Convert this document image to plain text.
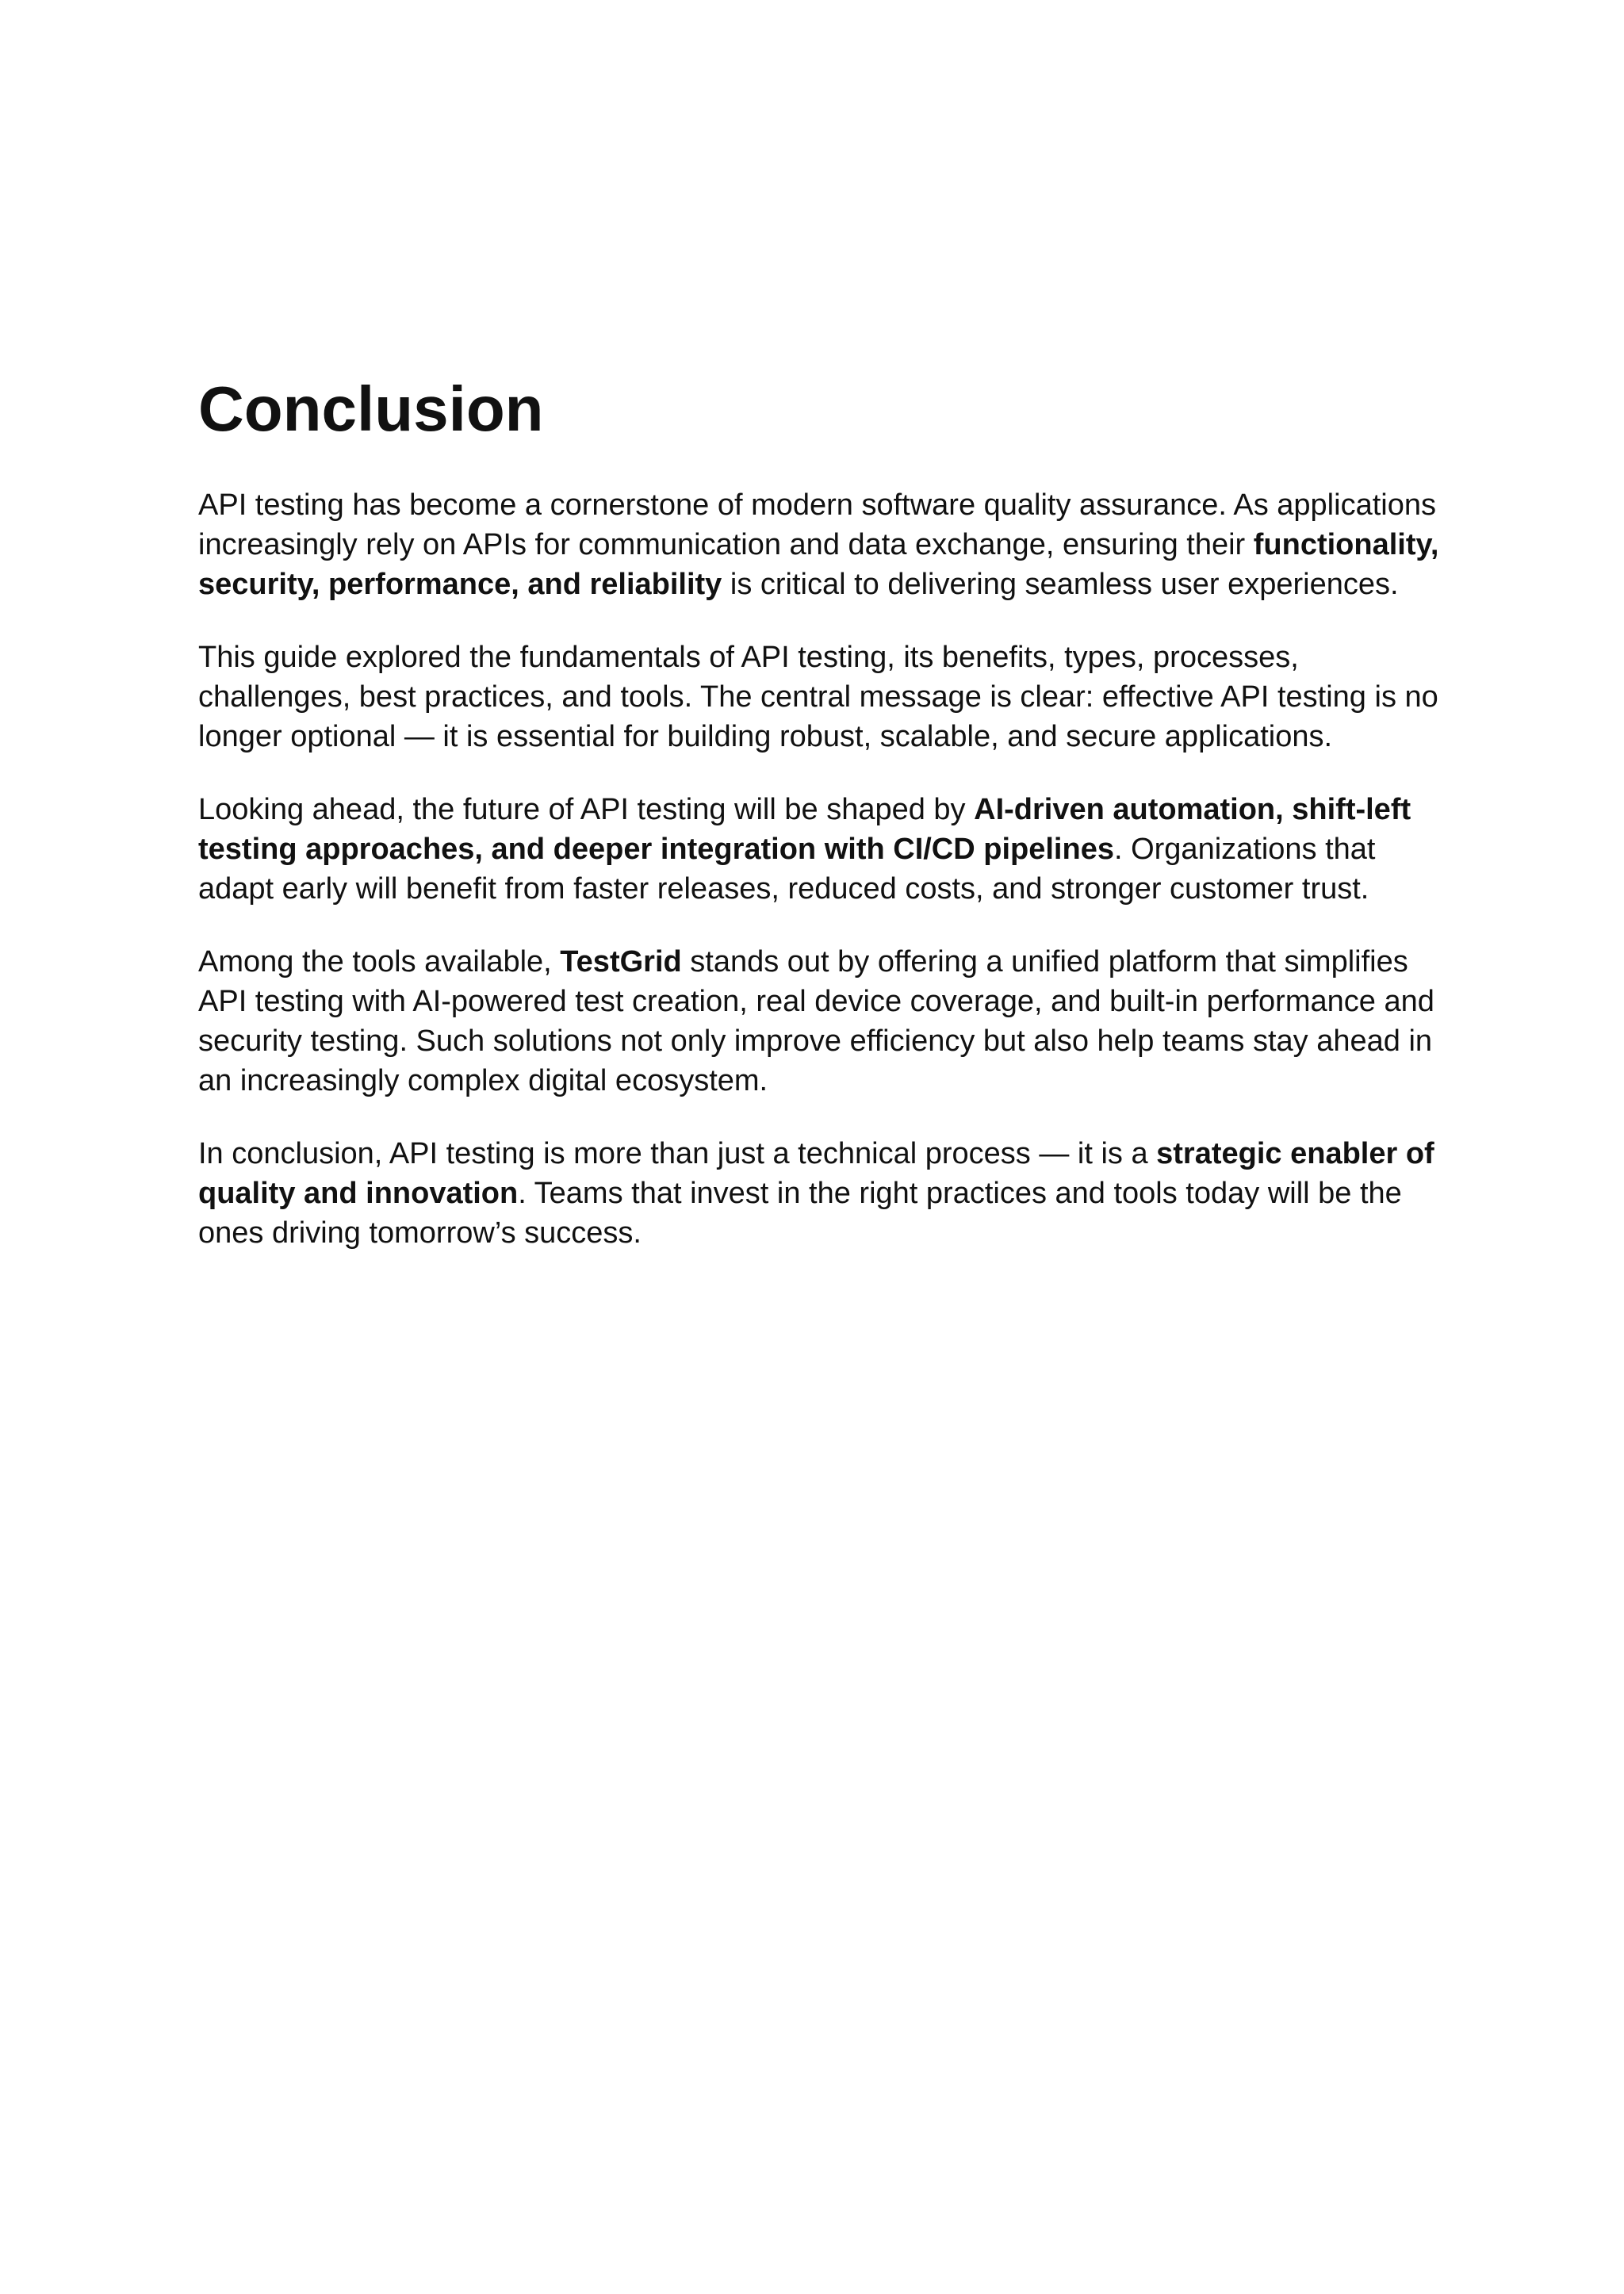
Conclusion

API testing has become a cornerstone of modern software quality assurance. As applications increasingly rely on APIs for communication and data exchange, ensuring their functionality, security, performance, and reliability is critical to delivering seamless user experiences.

This guide explored the fundamentals of API testing, its benefits, types, processes, challenges, best practices, and tools. The central message is clear: effective API testing is no longer optional — it is essential for building robust, scalable, and secure applications.

Looking ahead, the future of API testing will be shaped by AI-driven automation, shift-left testing approaches, and deeper integration with CI/CD pipelines. Organizations that adapt early will benefit from faster releases, reduced costs, and stronger customer trust.

Among the tools available, TestGrid stands out by offering a unified platform that simplifies API testing with AI-powered test creation, real device coverage, and built-in performance and security testing. Such solutions not only improve efficiency but also help teams stay ahead in an increasingly complex digital ecosystem.

In conclusion, API testing is more than just a technical process — it is a strategic enabler of quality and innovation. Teams that invest in the right practices and tools today will be the ones driving tomorrow’s success.
